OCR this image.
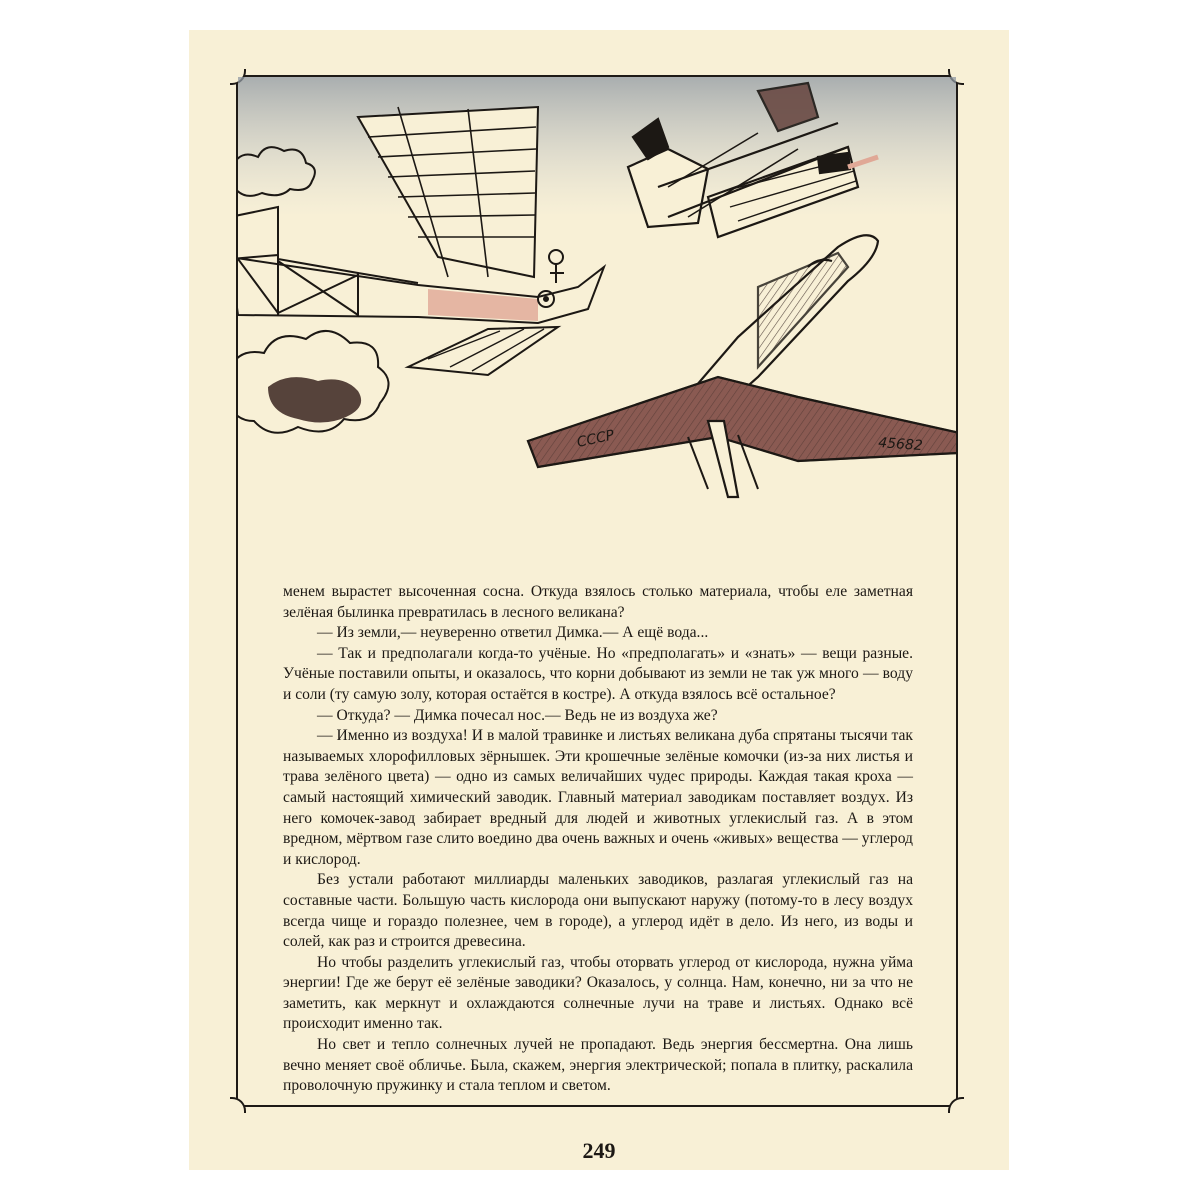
СССР	45682

менем вырастет высоченная сосна. Откуда взялось столько материала, чтобы еле заметная зелёная былинка превратилась в лесного великана?

— Из земли,— неуверенно ответил Димка.— А ещё вода...

— Так и предполагали когда-то учёные. Но «предполагать» и «знать» — вещи разные. Учёные поставили опыты, и оказалось, что корни добывают из земли не так уж много — воду и соли (ту самую золу, которая остаётся в костре). А откуда взялось всё остальное?

— Откуда? — Димка почесал нос.— Ведь не из воздуха же?

— Именно из воздуха! И в малой травинке и листьях великана дуба спрятаны тысячи так называемых хлорофилловых зёрнышек. Эти крошечные зелёные комочки (из-за них листья и трава зелёного цвета) — одно из самых величайших чудес природы. Каждая такая кроха — самый настоящий химический заводик. Главный материал заводикам поставляет воздух. Из него комочек-завод забирает вредный для людей и животных углекислый газ. А в этом вредном, мёртвом газе слито воедино два очень важных и очень «живых» вещества — углерод и кислород.

Без устали работают миллиарды маленьких заводиков, разлагая углекислый газ на составные части. Большую часть кислорода они выпускают наружу (потому-то в лесу воздух всегда чище и гораздо полезнее, чем в городе), а углерод идёт в дело. Из него, из воды и солей, как раз и строится древесина.

Но чтобы разделить углекислый газ, чтобы оторвать углерод от кислорода, нужна уйма энергии! Где же берут её зелёные заводики? Оказалось, у солнца. Нам, конечно, ни за что не заметить, как меркнут и охлаждаются солнечные лучи на траве и листьях. Однако всё происходит именно так.

Но свет и тепло солнечных лучей не пропадают. Ведь энергия бессмертна. Она лишь вечно меняет своё обличье. Была, скажем, энергия электрической; попала в плитку, раскалила проволочную пружинку и стала теплом и светом.

249
